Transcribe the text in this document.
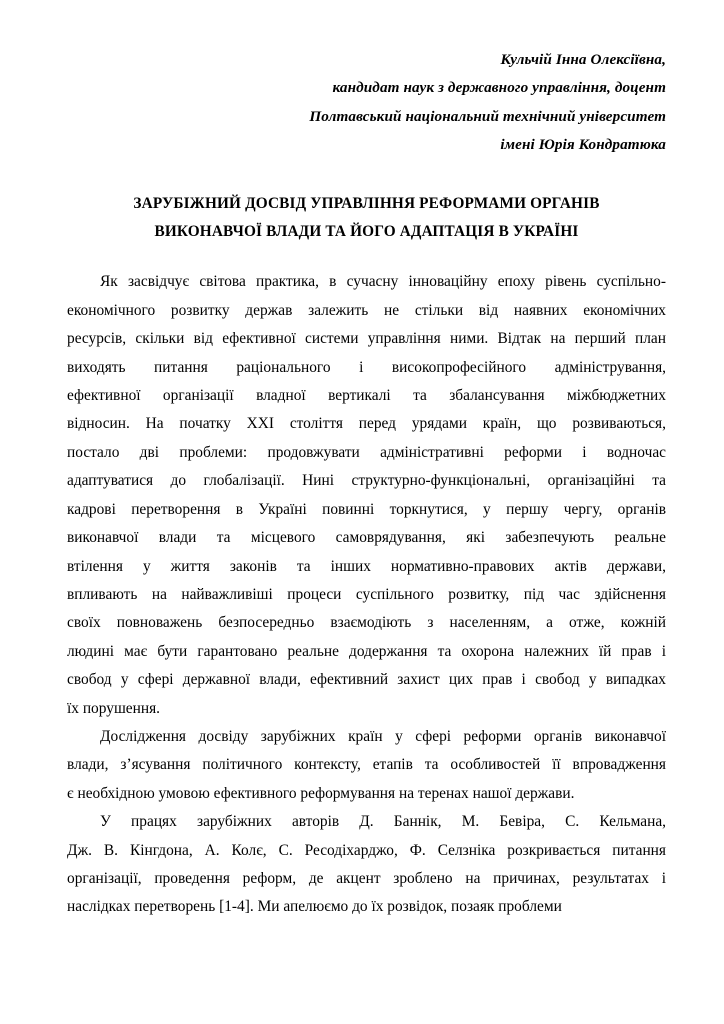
Кульчій Інна Олексіївна,
кандидат наук з державного управління, доцент
Полтавський національний технічний університет
імені Юрія Кондратюка
ЗАРУБІЖНИЙ ДОСВІД УПРАВЛІННЯ РЕФОРМАМИ ОРГАНІВ
ВИКОНАВЧОЇ ВЛАДИ ТА ЙОГО АДАПТАЦІЯ В УКРАЇНІ

Як засвідчує світова практика, в сучасну інноваційну епоху рівень суспільно-
економічного розвитку держав залежить не стільки від наявних економічних
ресурсів, скільки від ефективної системи управління ними. Відтак на перший план
виходять питання раціонального і високопрофесійного адміністрування,
ефективної організації владної вертикалі та збалансування міжбюджетних
відносин. На початку XXI століття перед урядами країн, що розвиваються,
постало дві проблеми: продовжувати адміністративні реформи і водночас
адаптуватися до глобалізації. Нині структурно-функціональні, організаційні та
кадрові перетворення в Україні повинні торкнутися, у першу чергу, органів
виконавчої влади та місцевого самоврядування, які забезпечують реальне
втілення у життя законів та інших нормативно-правових актів держави,
впливають на найважливіші процеси суспільного розвитку, під час здійснення
своїх повноважень безпосередньо взаємодіють з населенням, а отже, кожній
людині має бути гарантовано реальне додержання та охорона належних їй прав і
свобод у сфері державної влади, ефективний захист цих прав і свобод у випадках
їх порушення.

Дослідження досвіду зарубіжних країн у сфері реформи органів виконавчої
влади, з’ясування політичного контексту, етапів та особливостей її впровадження
є необхідною умовою ефективного реформування на теренах нашої держави.

У працях зарубіжних авторів Д. Баннік, М. Бевіра, С. Кельмана,
Дж. В. Кінгдона, А. Колє, С. Ресодіхарджо, Ф. Селзніка розкривається питання
організації, проведення реформ, де акцент зроблено на причинах, результатах і
наслідках перетворень [1-4]. Ми апелюємо до їх розвідок, позаяк проблеми
